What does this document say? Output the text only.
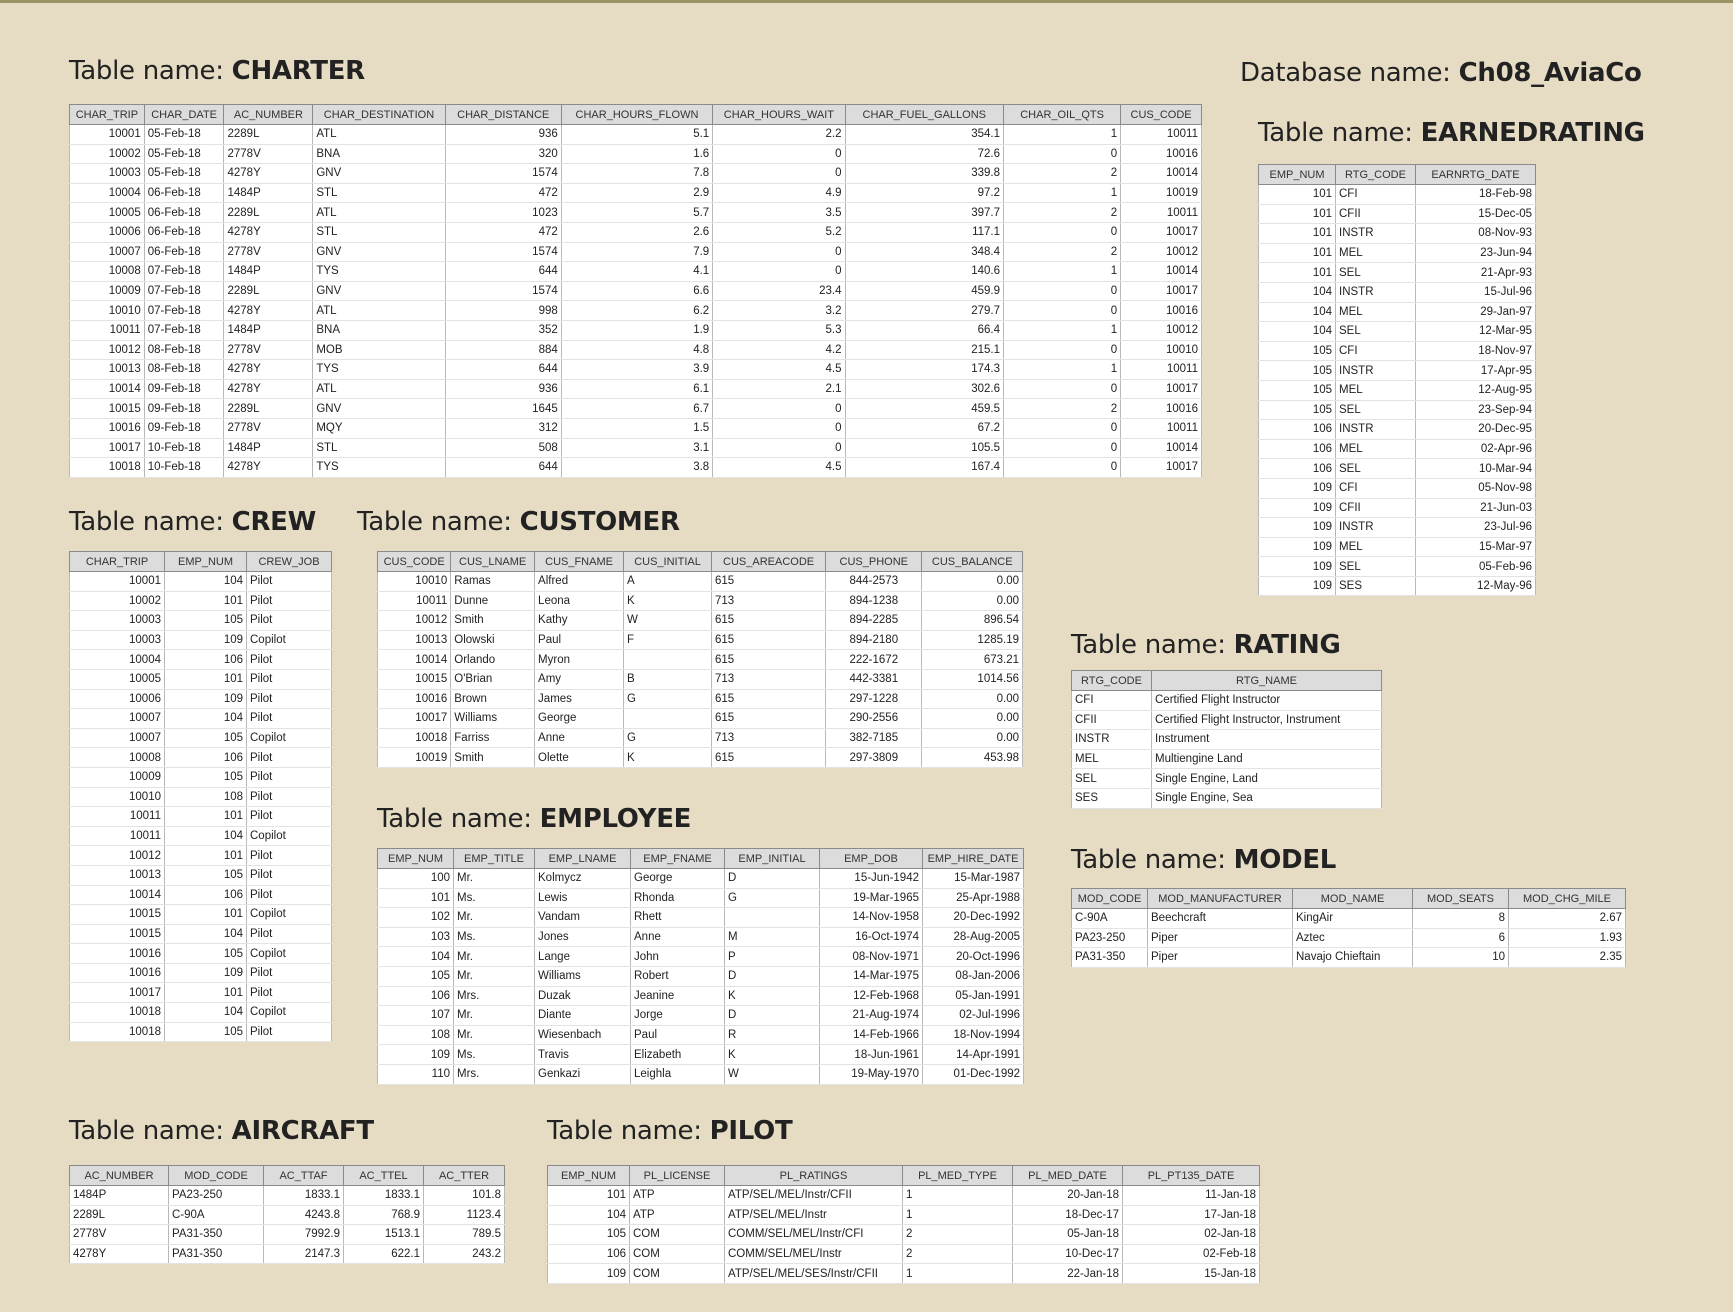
Database name: Ch08_AviaCo
Table name: CHARTER
CHAR_TRIP	CHAR_DATE	AC_NUMBER	CHAR_DESTINATION	CHAR_DISTANCE	CHAR_HOURS_FLOWN	CHAR_HOURS_WAIT	CHAR_FUEL_GALLONS	CHAR_OIL_QTS	CUS_CODE
10001	05-Feb-18	2289L	ATL	936	5.1	2.2	354.1	1	10011
10002	05-Feb-18	2778V	BNA	320	1.6	0	72.6	0	10016
10003	05-Feb-18	4278Y	GNV	1574	7.8	0	339.8	2	10014
10004	06-Feb-18	1484P	STL	472	2.9	4.9	97.2	1	10019
10005	06-Feb-18	2289L	ATL	1023	5.7	3.5	397.7	2	10011
10006	06-Feb-18	4278Y	STL	472	2.6	5.2	117.1	0	10017
10007	06-Feb-18	2778V	GNV	1574	7.9	0	348.4	2	10012
10008	07-Feb-18	1484P	TYS	644	4.1	0	140.6	1	10014
10009	07-Feb-18	2289L	GNV	1574	6.6	23.4	459.9	0	10017
10010	07-Feb-18	4278Y	ATL	998	6.2	3.2	279.7	0	10016
10011	07-Feb-18	1484P	BNA	352	1.9	5.3	66.4	1	10012
10012	08-Feb-18	2778V	MOB	884	4.8	4.2	215.1	0	10010
10013	08-Feb-18	4278Y	TYS	644	3.9	4.5	174.3	1	10011
10014	09-Feb-18	4278Y	ATL	936	6.1	2.1	302.6	0	10017
10015	09-Feb-18	2289L	GNV	1645	6.7	0	459.5	2	10016
10016	09-Feb-18	2778V	MQY	312	1.5	0	67.2	0	10011
10017	10-Feb-18	1484P	STL	508	3.1	0	105.5	0	10014
10018	10-Feb-18	4278Y	TYS	644	3.8	4.5	167.4	0	10017
Table name: EARNEDRATING
EMP_NUM	RTG_CODE	EARNRTG_DATE
101	CFI	18-Feb-98
101	CFII	15-Dec-05
101	INSTR	08-Nov-93
101	MEL	23-Jun-94
101	SEL	21-Apr-93
104	INSTR	15-Jul-96
104	MEL	29-Jan-97
104	SEL	12-Mar-95
105	CFI	18-Nov-97
105	INSTR	17-Apr-95
105	MEL	12-Aug-95
105	SEL	23-Sep-94
106	INSTR	20-Dec-95
106	MEL	02-Apr-96
106	SEL	10-Mar-94
109	CFI	05-Nov-98
109	CFII	21-Jun-03
109	INSTR	23-Jul-96
109	MEL	15-Mar-97
109	SEL	05-Feb-96
109	SES	12-May-96
Table name: CREW
CHAR_TRIP	EMP_NUM	CREW_JOB
10001	104	Pilot
10002	101	Pilot
10003	105	Pilot
10003	109	Copilot
10004	106	Pilot
10005	101	Pilot
10006	109	Pilot
10007	104	Pilot
10007	105	Copilot
10008	106	Pilot
10009	105	Pilot
10010	108	Pilot
10011	101	Pilot
10011	104	Copilot
10012	101	Pilot
10013	105	Pilot
10014	106	Pilot
10015	101	Copilot
10015	104	Pilot
10016	105	Copilot
10016	109	Pilot
10017	101	Pilot
10018	104	Copilot
10018	105	Pilot
Table name: CUSTOMER
CUS_CODE	CUS_LNAME	CUS_FNAME	CUS_INITIAL	CUS_AREACODE	CUS_PHONE	CUS_BALANCE
10010	Ramas	Alfred	A	615	844-2573	0.00
10011	Dunne	Leona	K	713	894-1238	0.00
10012	Smith	Kathy	W	615	894-2285	896.54
10013	Olowski	Paul	F	615	894-2180	1285.19
10014	Orlando	Myron		615	222-1672	673.21
10015	O'Brian	Amy	B	713	442-3381	1014.56
10016	Brown	James	G	615	297-1228	0.00
10017	Williams	George		615	290-2556	0.00
10018	Farriss	Anne	G	713	382-7185	0.00
10019	Smith	Olette	K	615	297-3809	453.98
Table name: RATING
RTG_CODE	RTG_NAME
CFI	Certified Flight Instructor
CFII	Certified Flight Instructor, Instrument
INSTR	Instrument
MEL	Multiengine Land
SEL	Single Engine, Land
SES	Single Engine, Sea
Table name: EMPLOYEE
EMP_NUM	EMP_TITLE	EMP_LNAME	EMP_FNAME	EMP_INITIAL	EMP_DOB	EMP_HIRE_DATE
100	Mr.	Kolmycz	George	D	15-Jun-1942	15-Mar-1987
101	Ms.	Lewis	Rhonda	G	19-Mar-1965	25-Apr-1988
102	Mr.	Vandam	Rhett		14-Nov-1958	20-Dec-1992
103	Ms.	Jones	Anne	M	16-Oct-1974	28-Aug-2005
104	Mr.	Lange	John	P	08-Nov-1971	20-Oct-1996
105	Mr.	Williams	Robert	D	14-Mar-1975	08-Jan-2006
106	Mrs.	Duzak	Jeanine	K	12-Feb-1968	05-Jan-1991
107	Mr.	Diante	Jorge	D	21-Aug-1974	02-Jul-1996
108	Mr.	Wiesenbach	Paul	R	14-Feb-1966	18-Nov-1994
109	Ms.	Travis	Elizabeth	K	18-Jun-1961	14-Apr-1991
110	Mrs.	Genkazi	Leighla	W	19-May-1970	01-Dec-1992
Table name: MODEL
MOD_CODE	MOD_MANUFACTURER	MOD_NAME	MOD_SEATS	MOD_CHG_MILE
C-90A	Beechcraft	KingAir	8	2.67
PA23-250	Piper	Aztec	6	1.93
PA31-350	Piper	Navajo Chieftain	10	2.35
Table name: AIRCRAFT
AC_NUMBER	MOD_CODE	AC_TTAF	AC_TTEL	AC_TTER
1484P	PA23-250	1833.1	1833.1	101.8
2289L	C-90A	4243.8	768.9	1123.4
2778V	PA31-350	7992.9	1513.1	789.5
4278Y	PA31-350	2147.3	622.1	243.2
Table name: PILOT
EMP_NUM	PL_LICENSE	PL_RATINGS	PL_MED_TYPE	PL_MED_DATE	PL_PT135_DATE
101	ATP	ATP/SEL/MEL/Instr/CFII	1	20-Jan-18	11-Jan-18
104	ATP	ATP/SEL/MEL/Instr	1	18-Dec-17	17-Jan-18
105	COM	COMM/SEL/MEL/Instr/CFI	2	05-Jan-18	02-Jan-18
106	COM	COMM/SEL/MEL/Instr	2	10-Dec-17	02-Feb-18
109	COM	ATP/SEL/MEL/SES/Instr/CFII	1	22-Jan-18	15-Jan-18
